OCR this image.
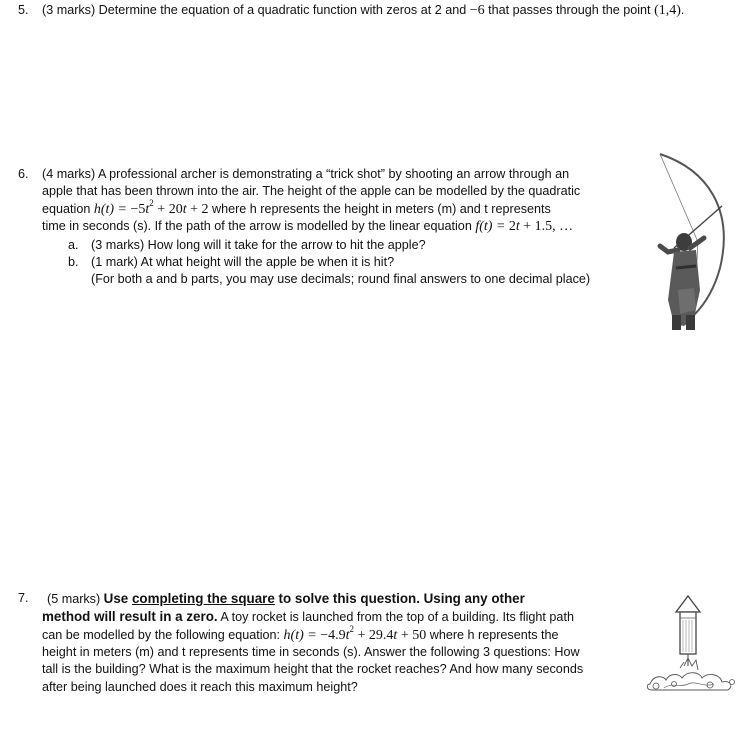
5. (3 marks) Determine the equation of a quadratic function with zeros at 2 and −6 that passes through the point (1,4).
6. (4 marks) A professional archer is demonstrating a “trick shot” by shooting an arrow through an
apple that has been thrown into the air. The height of the apple can be modelled by the quadratic
equation $h(t) = -5t^2 + 20t + 2$ where h represents the height in meters (m) and t represents
time in seconds (s). If the path of the arrow is modelled by the linear equation f(t) = 2t + 1.5, …
a. (3 marks) How long will it take for the arrow to hit the apple?
b. (1 mark) At what height will the apple be when it is hit?
(For both a and b parts, you may use decimals; round final answers to one decimal place)
7. (5 marks) Use completing the square to solve this question. Using any other
method will result in a zero. A toy rocket is launched from the top of a building. Its flight path
can be modelled by the following equation: $h(t) = -4.9t^2 + 29.4t + 50$ where h represents the
height in meters (m) and t represents time in seconds (s). Answer the following 3 questions: How
tall is the building? What is the maximum height that the rocket reaches? And how many seconds
after being launched does it reach this maximum height?
